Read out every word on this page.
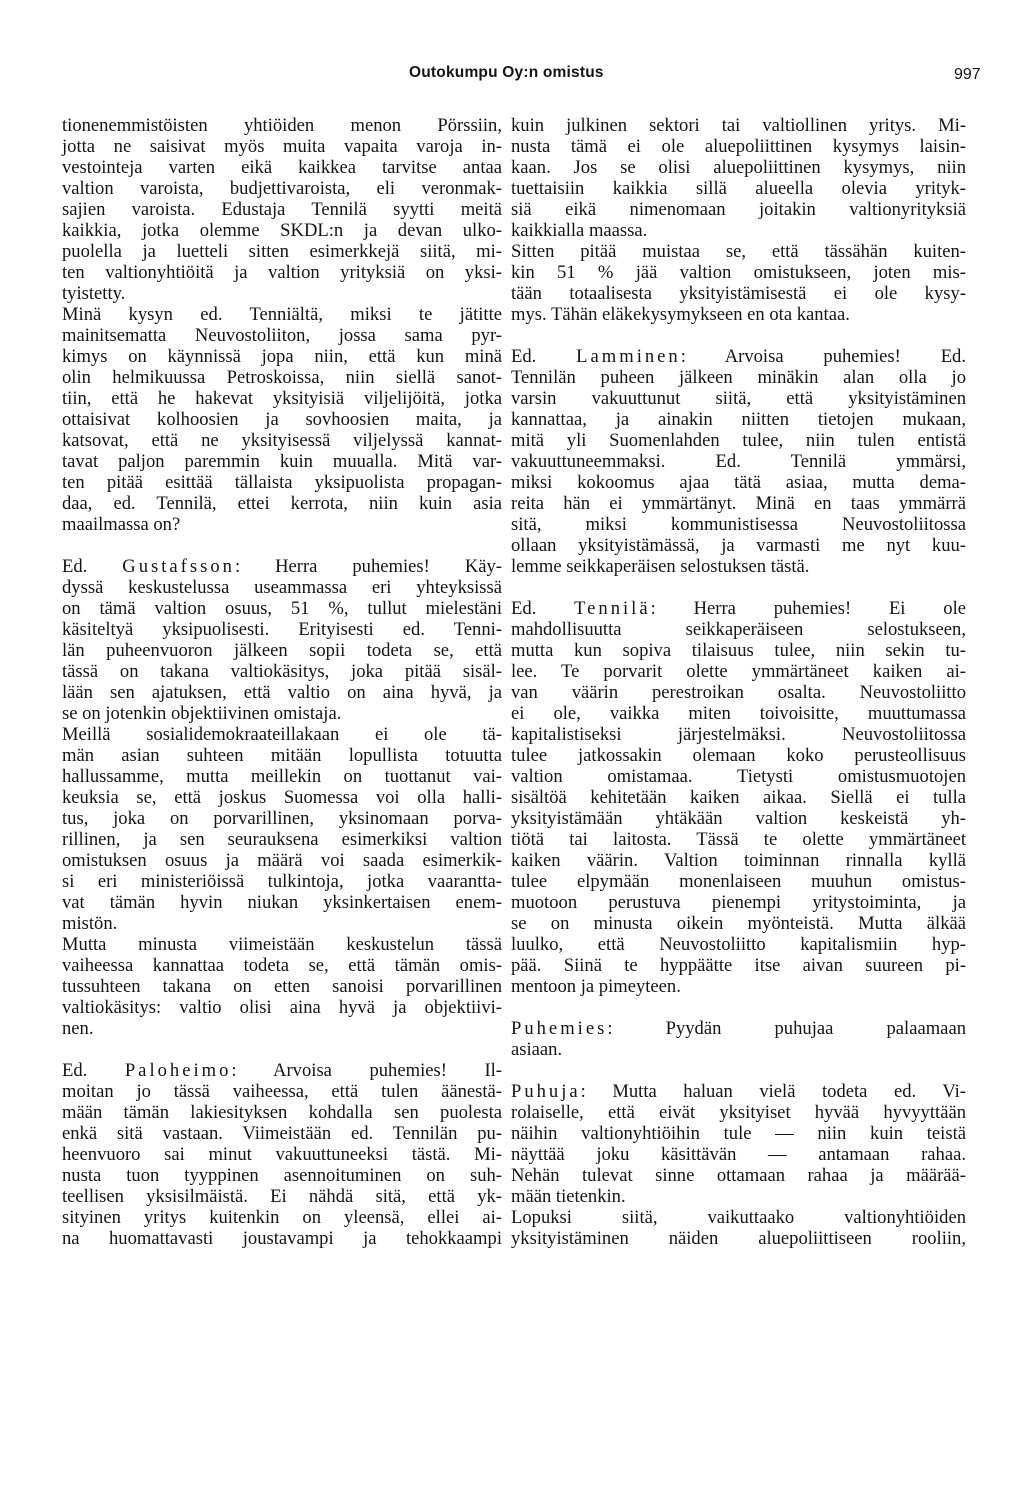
Outokumpu Oy:n omistus	997

tionenemmistöisten yhtiöiden menon Pörssiin,
jotta ne saisivat myös muita vapaita varoja in-
vestointeja varten eikä kaikkea tarvitse antaa
valtion varoista, budjettivaroista, eli veronmak-
sajien varoista. Edustaja Tennilä syytti meitä
kaikkia, jotka olemme SKDL:n ja devan ulko-
puolella ja luetteli sitten esimerkkejä siitä, mi-
ten valtionyhtiöitä ja valtion yrityksiä on yksi-
tyistetty.

Minä kysyn ed. Tenniältä, miksi te jätitte
mainitsematta Neuvostoliiton, jossa sama pyr-
kimys on käynnissä jopa niin, että kun minä
olin helmikuussa Petroskoissa, niin siellä sanot-
tiin, että he hakevat yksityisiä viljelijöitä, jotka
ottaisivat kolhoosien ja sovhoosien maita, ja
katsovat, että ne yksityisessä viljelyssä kannat-
tavat paljon paremmin kuin muualla. Mitä var-
ten pitää esittää tällaista yksipuolista propagan-
daa, ed. Tennilä, ettei kerrota, niin kuin asia
maailmassa on?

Ed. Gustafsson: Herra puhemies! Käy-
dyssä keskustelussa useammassa eri yhteyksissä
on tämä valtion osuus, 51 %, tullut mielestäni
käsiteltyä yksipuolisesti. Erityisesti ed. Tenni-
län puheenvuoron jälkeen sopii todeta se, että
tässä on takana valtiokäsitys, joka pitää sisäl-
lään sen ajatuksen, että valtio on aina hyvä, ja
se on jotenkin objektiivinen omistaja.

Meillä sosialidemokraateillakaan ei ole tä-
män asian suhteen mitään lopullista totuutta
hallussamme, mutta meillekin on tuottanut vai-
keuksia se, että joskus Suomessa voi olla halli-
tus, joka on porvarillinen, yksinomaan porva-
rillinen, ja sen seurauksena esimerkiksi valtion
omistuksen osuus ja määrä voi saada esimerkik-
si eri ministeriöissä tulkintoja, jotka vaarantta-
vat tämän hyvin niukan yksinkertaisen enem-
mistön.

Mutta minusta viimeistään keskustelun tässä
vaiheessa kannattaa todeta se, että tämän omis-
tussuhteen takana on etten sanoisi porvarillinen
valtiokäsitys: valtio olisi aina hyvä ja objektiivi-
nen.

Ed. Paloheimo: Arvoisa puhemies! Il-
moitan jo tässä vaiheessa, että tulen äänestä-
mään tämän lakiesityksen kohdalla sen puolesta
enkä sitä vastaan. Viimeistään ed. Tennilän pu-
heenvuoro sai minut vakuuttuneeksi tästä. Mi-
nusta tuon tyyppinen asennoituminen on suh-
teellisen yksisilmäistä. Ei nähdä sitä, että yk-
sityinen yritys kuitenkin on yleensä, ellei ai-
na huomattavasti joustavampi ja tehokkaampi

kuin julkinen sektori tai valtiollinen yritys. Mi-
nusta tämä ei ole aluepoliittinen kysymys laisin-
kaan. Jos se olisi aluepoliittinen kysymys, niin
tuettaisiin kaikkia sillä alueella olevia yrityk-
siä eikä nimenomaan joitakin valtionyrityksiä
kaikkialla maassa.

Sitten pitää muistaa se, että tässähän kuiten-
kin 51 % jää valtion omistukseen, joten mis-
tään totaalisesta yksityistämisestä ei ole kysy-
mys. Tähän eläkekysymykseen en ota kantaa.

Ed. Lamminen: Arvoisa puhemies! Ed.
Tennilän puheen jälkeen minäkin alan olla jo
varsin vakuuttunut siitä, että yksityistäminen
kannattaa, ja ainakin niitten tietojen mukaan,
mitä yli Suomenlahden tulee, niin tulen entistä
vakuuttuneemmaksi. Ed. Tennilä ymmärsi,
miksi kokoomus ajaa tätä asiaa, mutta dema-
reita hän ei ymmärtänyt. Minä en taas ymmärrä
sitä, miksi kommunistisessa Neuvostoliitossa
ollaan yksityistämässä, ja varmasti me nyt kuu-
lemme seikkaperäisen selostuksen tästä.

Ed. Tennilä: Herra puhemies! Ei ole
mahdollisuutta seikkaperäiseen selostukseen,
mutta kun sopiva tilaisuus tulee, niin sekin tu-
lee. Te porvarit olette ymmärtäneet kaiken ai-
van väärin perestroikan osalta. Neuvostoliitto
ei ole, vaikka miten toivoisitte, muuttumassa
kapitalistiseksi järjestelmäksi. Neuvostoliitossa
tulee jatkossakin olemaan koko perusteollisuus
valtion omistamaa. Tietysti omistusmuotojen
sisältöä kehitetään kaiken aikaa. Siellä ei tulla
yksityistämään yhtäkään valtion keskeistä yh-
tiötä tai laitosta. Tässä te olette ymmärtäneet
kaiken väärin. Valtion toiminnan rinnalla kyllä
tulee elpymään monenlaiseen muuhun omistus-
muotoon perustuva pienempi yritystoiminta, ja
se on minusta oikein myönteistä. Mutta älkää
luulko, että Neuvostoliitto kapitalismiin hyp-
pää. Siinä te hyppäätte itse aivan suureen pi-
mentoon ja pimeyteen.

Puhemies: Pyydän puhujaa palaamaan
asiaan.

Puhuja: Mutta haluan vielä todeta ed. Vi-
rolaiselle, että eivät yksityiset hyvää hyvyyttään
näihin valtionyhtiöihin tule — niin kuin teistä
näyttää joku käsittävän — antamaan rahaa.
Nehän tulevat sinne ottamaan rahaa ja määrää-
mään tietenkin.

Lopuksi siitä, vaikuttaako valtionyhtiöiden
yksityistäminen näiden aluepoliittiseen rooliin,
